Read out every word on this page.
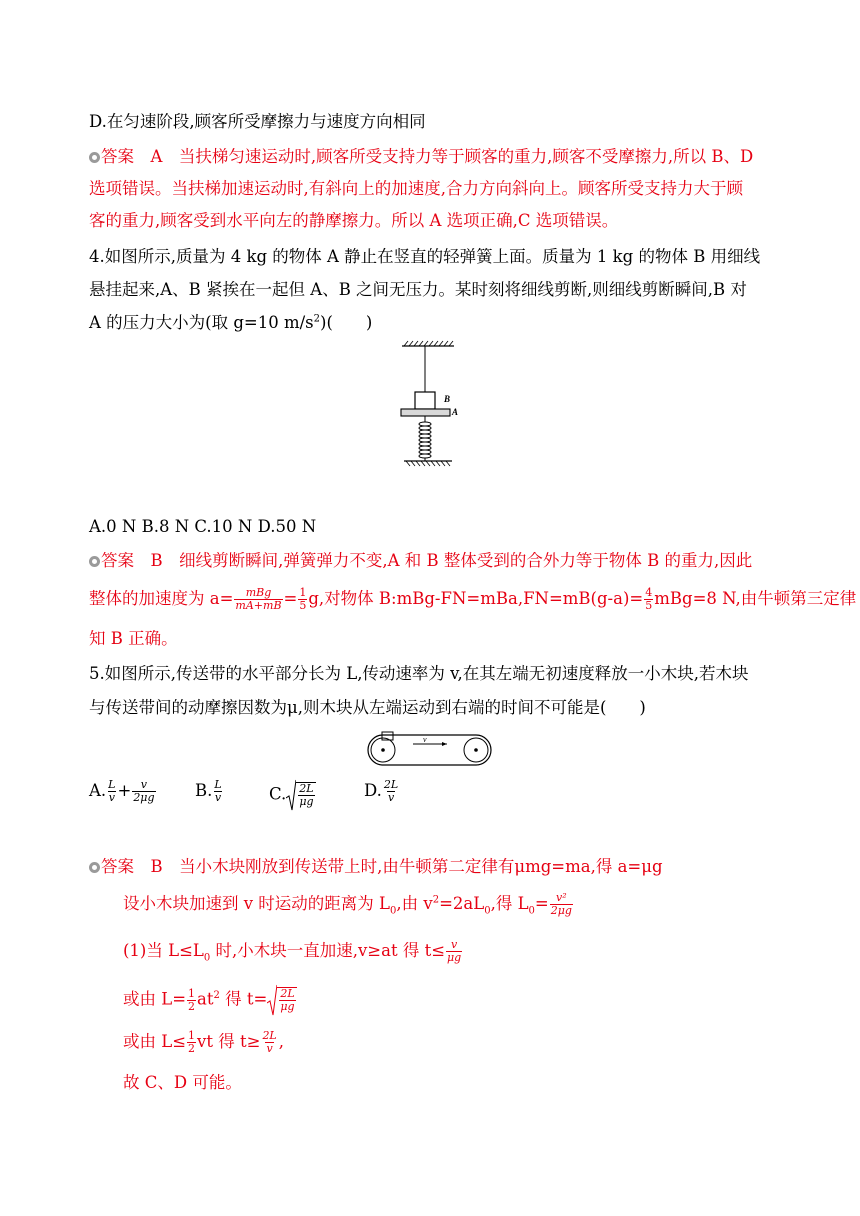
D.在匀速阶段,顾客所受摩擦力与速度方向相同
答案　A　当扶梯匀速运动时,顾客所受支持力等于顾客的重力,顾客不受摩擦力,所以 B、D
选项错误。当扶梯加速运动时,有斜向上的加速度,合力方向斜向上。顾客所受支持力大于顾
客的重力,顾客受到水平向左的静摩擦力。所以 A 选项正确,C 选项错误。
4.如图所示,质量为 4 kg 的物体 A 静止在竖直的轻弹簧上面。质量为 1 kg 的物体 B 用细线
悬挂起来,A、B 紧挨在一起但 A、B 之间无压力。某时刻将细线剪断,则细线剪断瞬间,B 对
A 的压力大小为(取 g=10 $m/s^2$)(　　)
B
A
A.0 N B.8 N C.10 N D.50 N
答案　B　细线剪断瞬间,弹簧弹力不变,A 和 B 整体受到的合外力等于物体 B 的重力,因此
整体的加速度为 $a= \frac{\text{mBg}}{mA+mB} = \frac{1}{5} g$,对物体 B:mBg-FN=mBa,FN=mB(g-a)= $\frac{4}{5} mBg=8$ N,由牛顿第三定律
知 B 正确。
5.如图所示,传送带的水平部分长为 L,传动速率为 v,在其左端无初速度释放一小木块,若木块
与传送带间的动摩擦因数为μ,则木块从左端运动到右端的时间不可能是(　　)
v
A. $\frac{L}{v} + \frac{v}{2\mu g} B$. $\frac{L}{v}$	C. $\frac{2L}{\mu g}$	D. $\frac{2L}{v}$
答案　B　当小木块刚放到传送带上时,由牛顿第二定律有μmg=ma,得 a=μg
设小木块加速到 v 时运动的距离为 $L_0$,由 $v^2=2aL_0$,得 $L_0= \frac{\text{v²}}{2\mu g}$
(1)当 $L\le L_0$ 时,小木块一直加速,v≥at 得 $t\le \frac{v}{\mu g}$
或由 $L= \frac{1}{2} at^2$ 得 $t= \frac{2L}{\mu g}$
或由 $L\le \frac{1}{2}$ vt 得 $t\ge \frac{2L}{v}$ ,
故 C、D 可能。
